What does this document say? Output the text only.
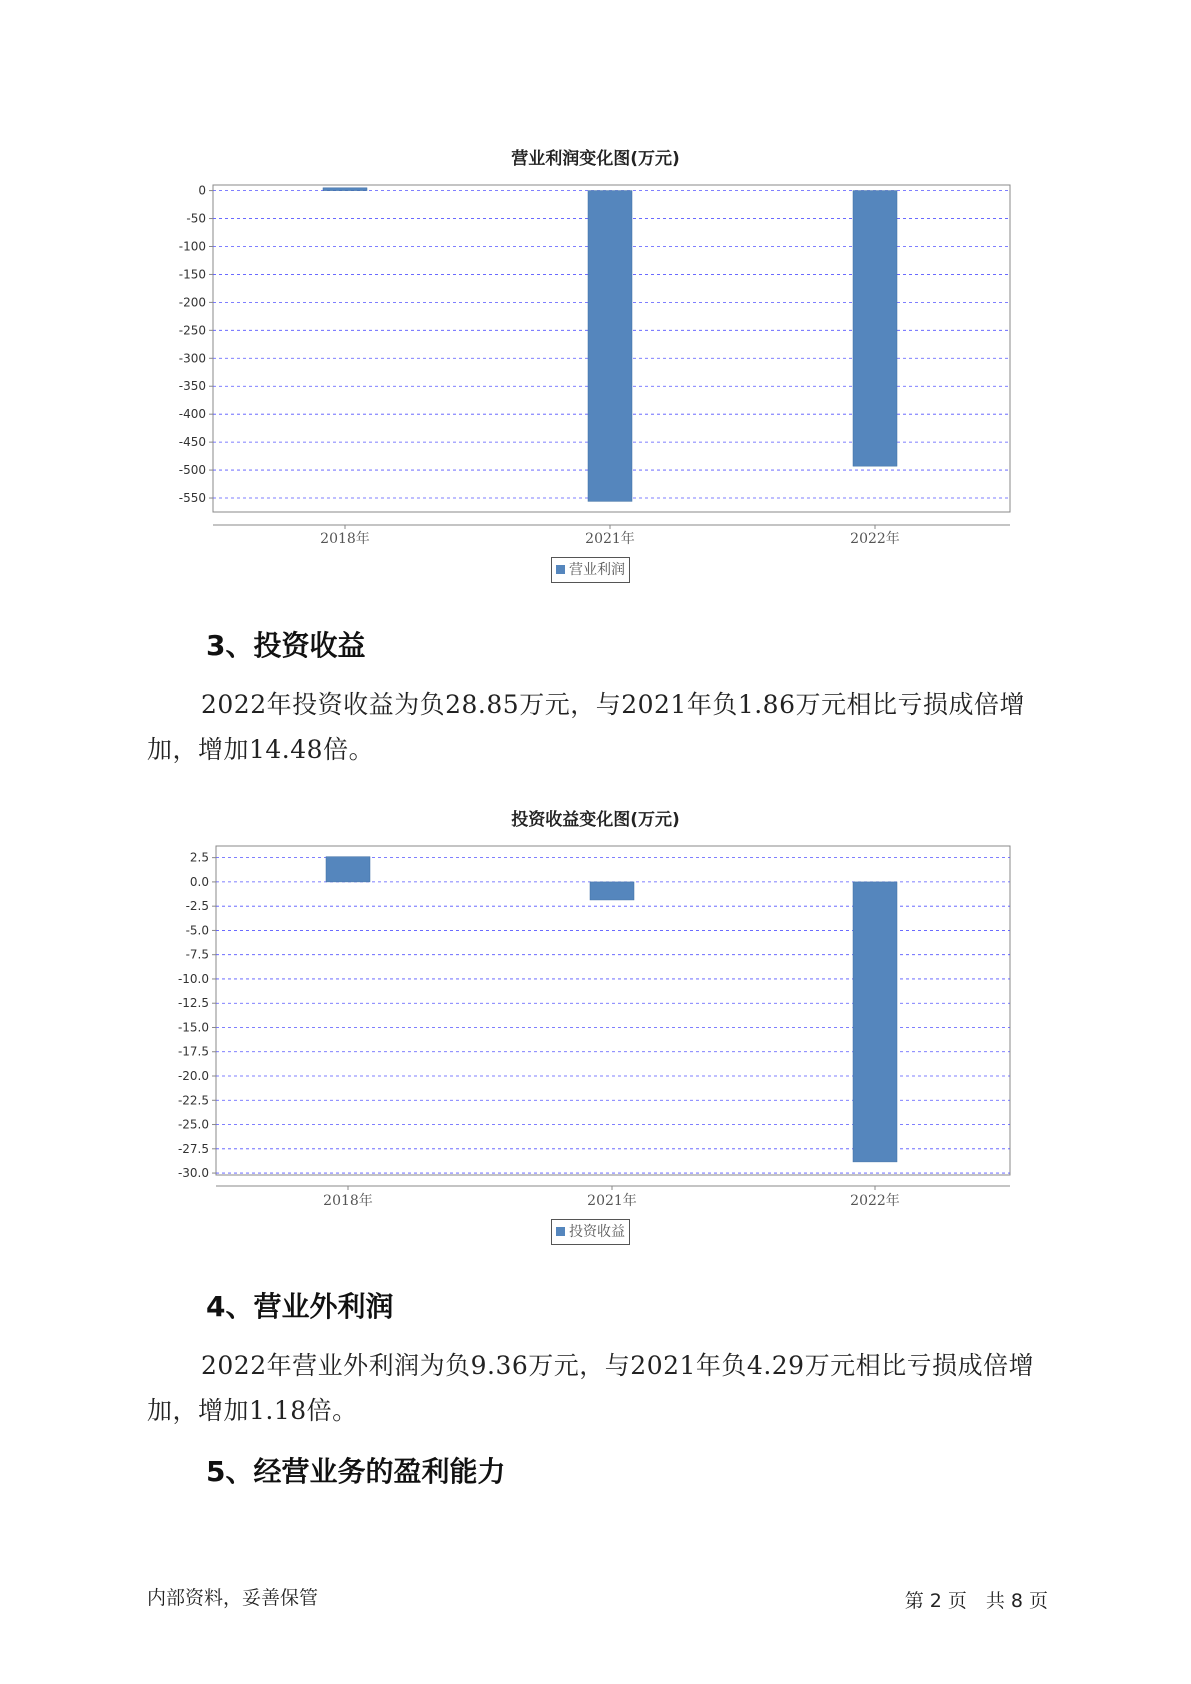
营业利润变化图(万元)
0
-50
-100
-150
-200
-250
-300
-350
-400
-450
-500
-550
2018年	2021年	2022年
营业利润
3、投资收益
2022年投资收益为负28.85万元，与2021年负1.86万元相比亏损成倍增加，增加14.48倍。
投资收益变化图(万元)
2.5
0.0
-2.5
-5.0
-7.5
-10.0
-12.5
-15.0
-17.5
-20.0
-22.5
-25.0
-27.5
-30.0
2018年	2021年	2022年
投资收益
4、营业外利润
2022年营业外利润为负9.36万元，与2021年负4.29万元相比亏损成倍增加，增加1.18倍。
5、经营业务的盈利能力
内部资料，妥善保管	第 2 页　共 8 页
